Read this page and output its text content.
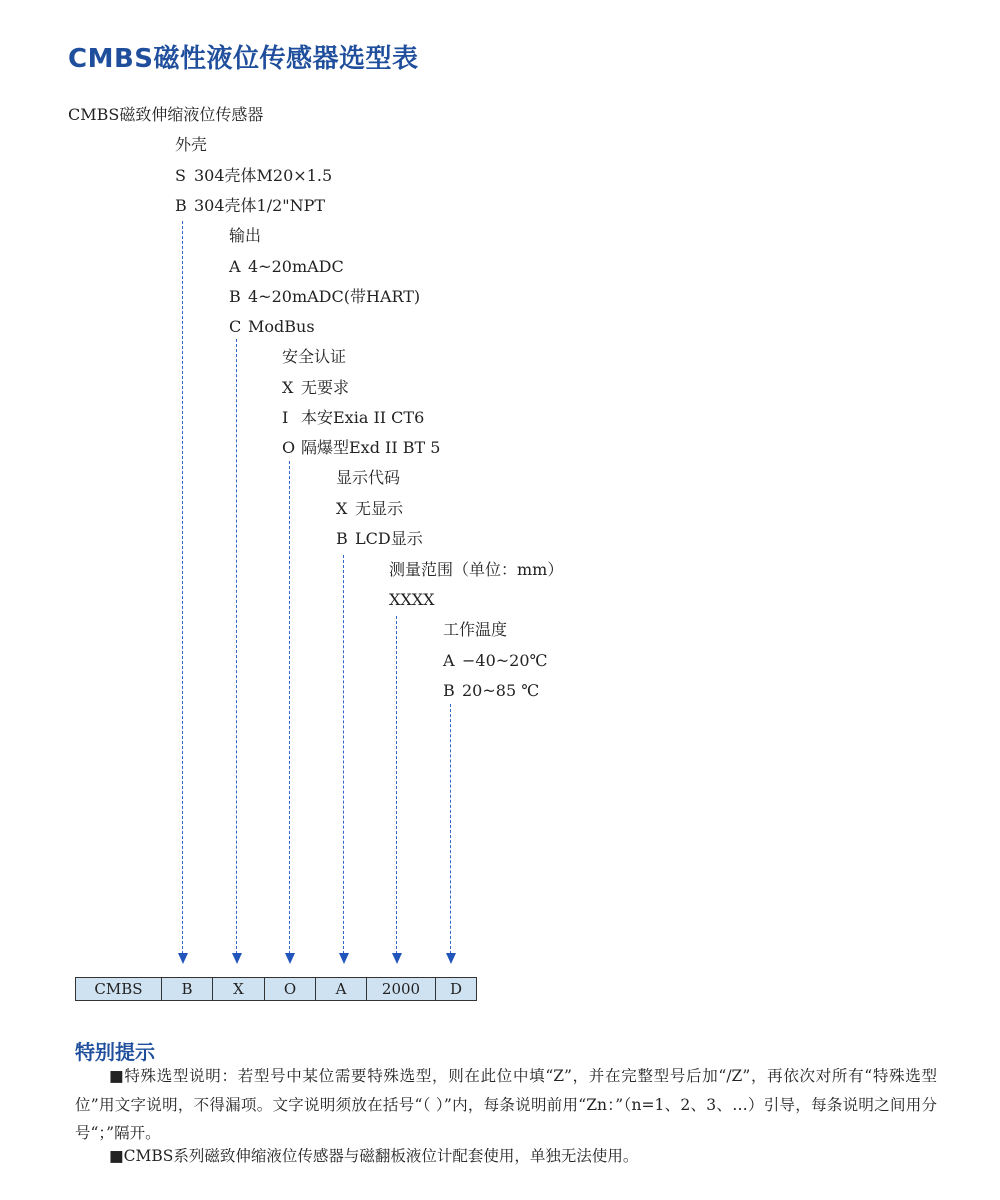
CMBS磁性液位传感器选型表
CMBS磁致伸缩液位传感器
外壳
S 304壳体M20×1.5
B 304壳体1/2"NPT
输出
A 4~20mADC
B 4~20mADC(带HART)
C ModBus
安全认证
X 无要求
I 本安Exia II CT6
O 隔爆型Exd II BT 5
显示代码
X 无显示
B LCD显示
测量范围（单位：mm）
XXXX
工作温度
A −40~20℃
B 20~85 ℃
CMBS	B	X	O	A	2000	D
特别提示
■特殊选型说明：若型号中某位需要特殊选型，则在此位中填“Z”，并在完整型号后加“/Z”，再依次对所有“特殊选型位”用文字说明，不得漏项。文字说明须放在括号“（ ）”内，每条说明前用“Zn：”（n=1、2、3、…）引导，每条说明之间用分号“；”隔开。
■CMBS系列磁致伸缩液位传感器与磁翻板液位计配套使用，单独无法使用。
